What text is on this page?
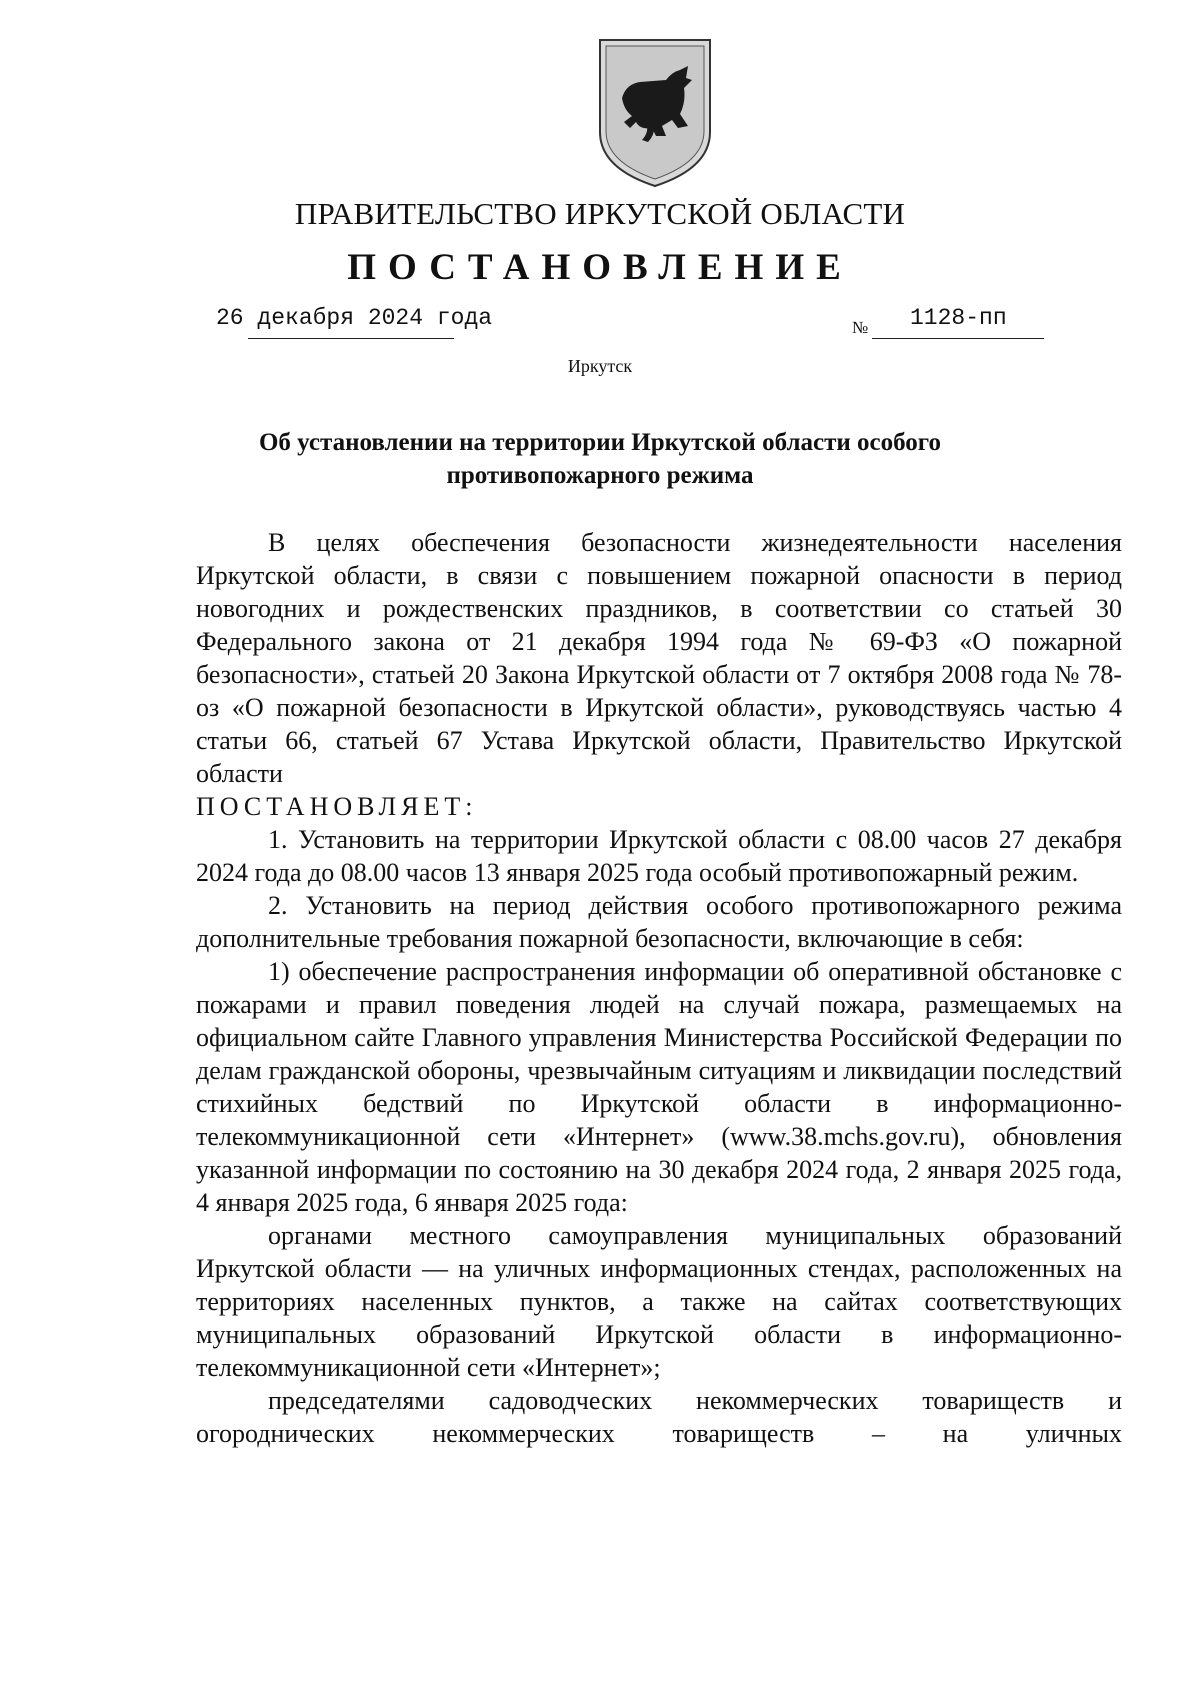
ПРАВИТЕЛЬСТВО ИРКУТСКОЙ ОБЛАСТИ
ПОСТАНОВЛЕНИЕ
26 декабря 2024 года	№ 1128-пп
Иркутск
Об установлении на территории Иркутской области особого
противопожарного режима

В целях обеспечения безопасности жизнедеятельности населения Иркутской области, в связи с повышением пожарной опасности в период новогодних и рождественских праздников, в соответствии со статьей 30 Федерального закона от 21 декабря 1994 года № 69-ФЗ «О пожарной безопасности», статьей 20 Закона Иркутской области от 7 октября 2008 года № 78-оз «О пожарной безопасности в Иркутской области», руководствуясь частью 4 статьи 66, статьей 67 Устава Иркутской области, Правительство Иркутской области

ПОСТАНОВЛЯЕТ:

1. Установить на территории Иркутской области с 08.00 часов 27 декабря 2024 года до 08.00 часов 13 января 2025 года особый противопожарный режим.

2. Установить на период действия особого противопожарного режима дополнительные требования пожарной безопасности, включающие в себя:

1) обеспечение распространения информации об оперативной обстановке с пожарами и правил поведения людей на случай пожара, размещаемых на официальном сайте Главного управления Министерства Российской Федерации по делам гражданской обороны, чрезвычайным ситуациям и ликвидации последствий стихийных бедствий по Иркутской области в информационно-телекоммуникационной сети «Интернет» (www.38.mchs.gov.ru), обновления указанной информации по состоянию на 30 декабря 2024 года, 2 января 2025 года, 4 января 2025 года, 6 января 2025 года:

органами местного самоуправления муниципальных образований Иркутской области — на уличных информационных стендах, расположенных на территориях населенных пунктов, а также на сайтах соответствующих муниципальных образований Иркутской области в информационно-телекоммуникационной сети «Интернет»;

председателями садоводческих некоммерческих товариществ и огороднических некоммерческих товариществ – на уличных
